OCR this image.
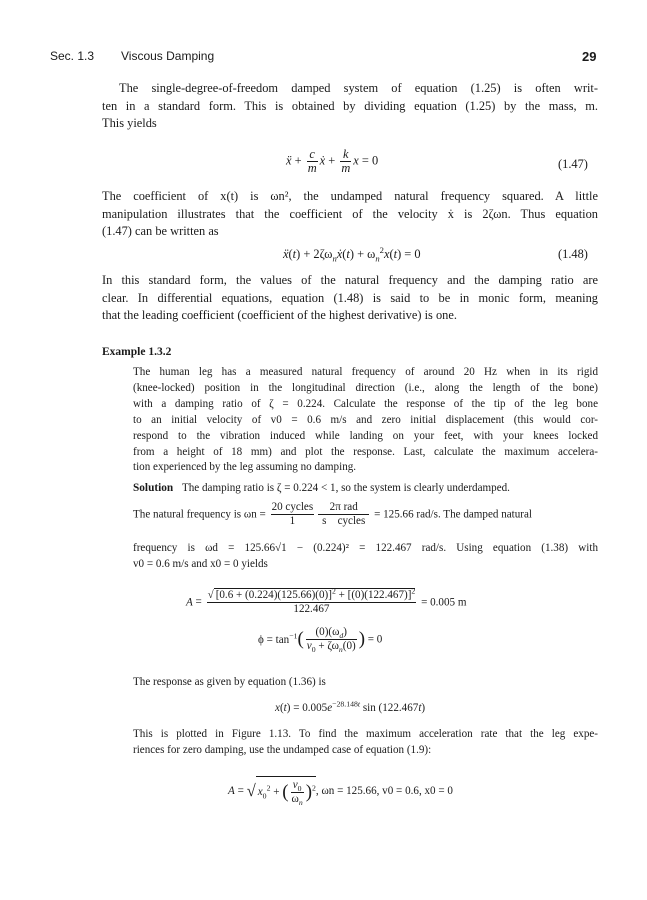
Sec. 1.3 Viscous Damping	29
The single-degree-of-freedom damped system of equation (1.25) is often writ-
ten in a standard form. This is obtained by dividing equation (1.25) by the mass, m.
This yields
ẍ + $\frac{c}{m}$ ẋ + $\frac{k}{m}$ x = 0	(1.47)
The coefficient of x(t) is ωn², the undamped natural frequency squared. A little
manipulation illustrates that the coefficient of the velocity ẋ is 2ζωn. Thus equation
(1.47) can be written as
ẍ(t) + $2\zeta\omega_nẋ(t) + \omega_n^2x(t) = 0$	(1.48)
In this standard form, the values of the natural frequency and the damping ratio are
clear. In differential equations, equation (1.48) is said to be in monic form, meaning
that the leading coefficient (coefficient of the highest derivative) is one.
Example 1.3.2
The human leg has a measured natural frequency of around 20 Hz when in its rigid
(knee-locked) position in the longitudinal direction (i.e., along the length of the bone)
with a damping ratio of ζ = 0.224. Calculate the response of the tip of the leg bone
to an initial velocity of v0 = 0.6 m/s and zero initial displacement (this would cor-
respond to the vibration induced while landing on your feet, with your knees locked
from a height of 18 mm) and plot the response. Last, calculate the maximum accelera-
tion experienced by the leg assuming no damping.
Solution The damping ratio is ζ = 0.224 < 1, so the system is clearly underdamped.
The natural frequency is $\omega n = \frac{\text{20 cycles}}{1} \frac{\text{2π rad}}{\text{s    cycles}} = 125.66$ rad/s. The damped natural
frequency is ωd = 125.66√1 − (0.224)² = 122.467 rad/s. Using equation (1.38) with
v0 = 0.6 m/s and x0 = 0 yields
$A = \frac{√ [0.6 + (0.224)(125.66)(0)]^2 + [(0)(122.467)]^2}{122.467} = 0.005$ m
$\phi = \tan^{-1}( \frac{(0)(\omega_d)}{v_0 + \zeta\omega_n(0)}$ ) = 0
The response as given by equation (1.36) is
$x(t) = 0.005e^{-28.148t}$ sin (122.467t)
This is plotted in Figure 1.13. To find the maximum acceleration rate that the leg expe-
riences for zero damping, use the undamped case of equation (1.9):
A = √ $x_0^2$ + ( $\frac{v_0}{\omega_n} )^2$, ωn = 125.66, v0 = 0.6, x0 = 0
